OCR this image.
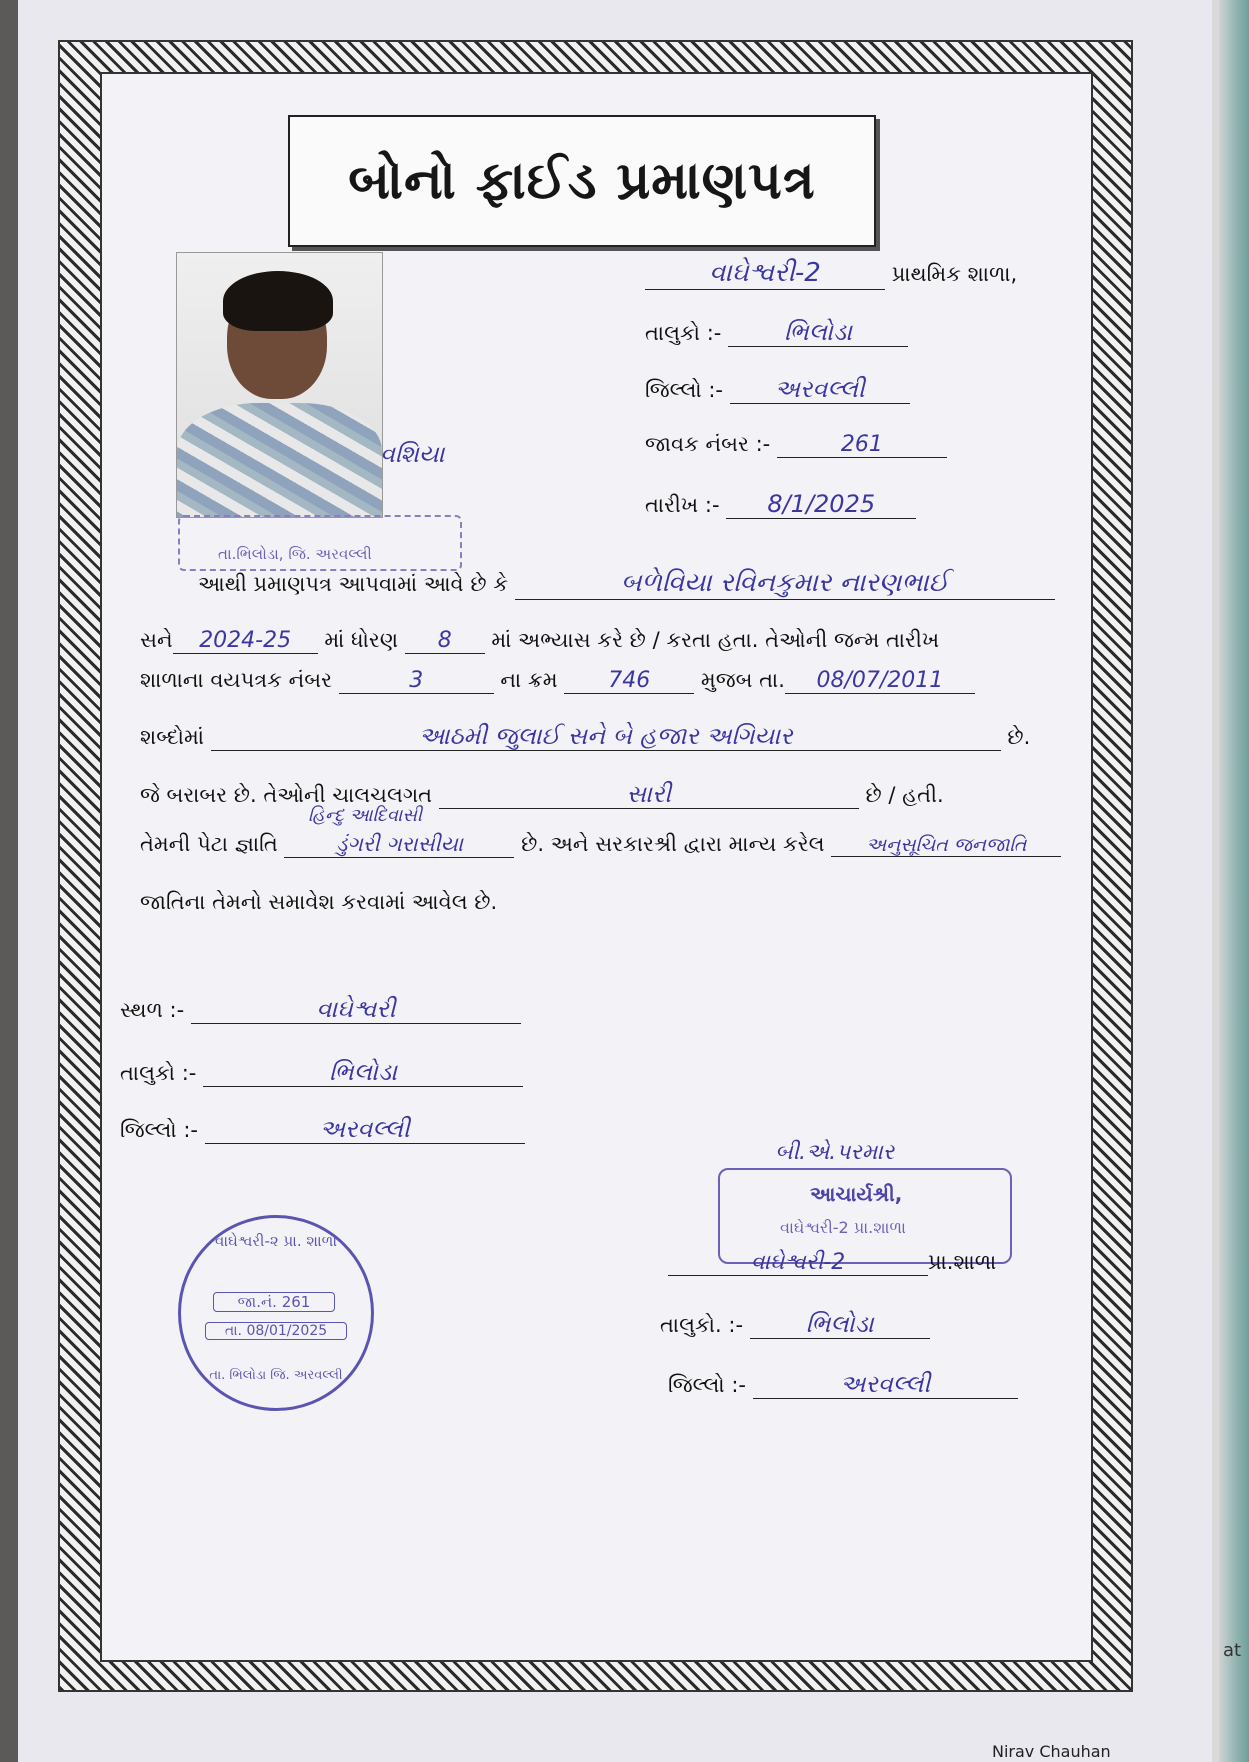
at
બોનો ફાઈડ પ્રમાણપત્ર
વશિયા
તા.ભિલોડા, જિ. અરવલ્લી
વાઘેશ્વરી-2	પ્રાથમિક શાળા,
તાલુકો :-	ભિલોડા
જિલ્લો :- અરવલ્લી
જાવક નંબર :-	261
તારીખ :- 8/1/2025
આથી પ્રમાણપત્ર આપવામાં આવે છે કે	બળેવિયા રવિનકુમાર નારણભાઈ
સને 2024-25 માં ધોરણ 8 માં અભ્યાસ કરે છે / કરતા હતા. તેઓની જન્મ તારીખ
શાળાના વયપત્રક નંબર	3	ના ક્રમ 746 મુજબ તા. 08/07/2011
શબ્દોમાં	આઠમી જુલાઈ સને બે હજાર અગિયાર	છે.
જે બરાબર છે. તેઓની ચાલચલગત	સારી	છે / હતી.
હિન્દુ આદિવાસી
તેમની પેટા જ્ઞાતિ	ડુંગરી ગરાસીયા	છે. અને સરકારશ્રી દ્વારા માન્ય કરેલ અનુસૂચિત જનજાતિ
જાતિના તેમનો સમાવેશ કરવામાં આવેલ છે.
સ્થળ :-	વાઘેશ્વરી
તાલુકો :-	ભિલોડા
જિલ્લો :-	અરવલ્લી
વાઘેશ્વરી-૨ પ્રા. શાળા
જા.નં. 261
તા. 08/01/2025
તા. ભિલોડા જિ. અરવલ્લી
બી.એ.પરમાર
આચાર્યશ્રી,
વાઘેશ્વરી-2 પ્રા.શાળા
વાઘેશ્વરી-2	પ્રા.શાળા
તાલુકો. :-	ભિલોડા
જિલ્લો :-	અરવલ્લી
Nirav Chauhan
